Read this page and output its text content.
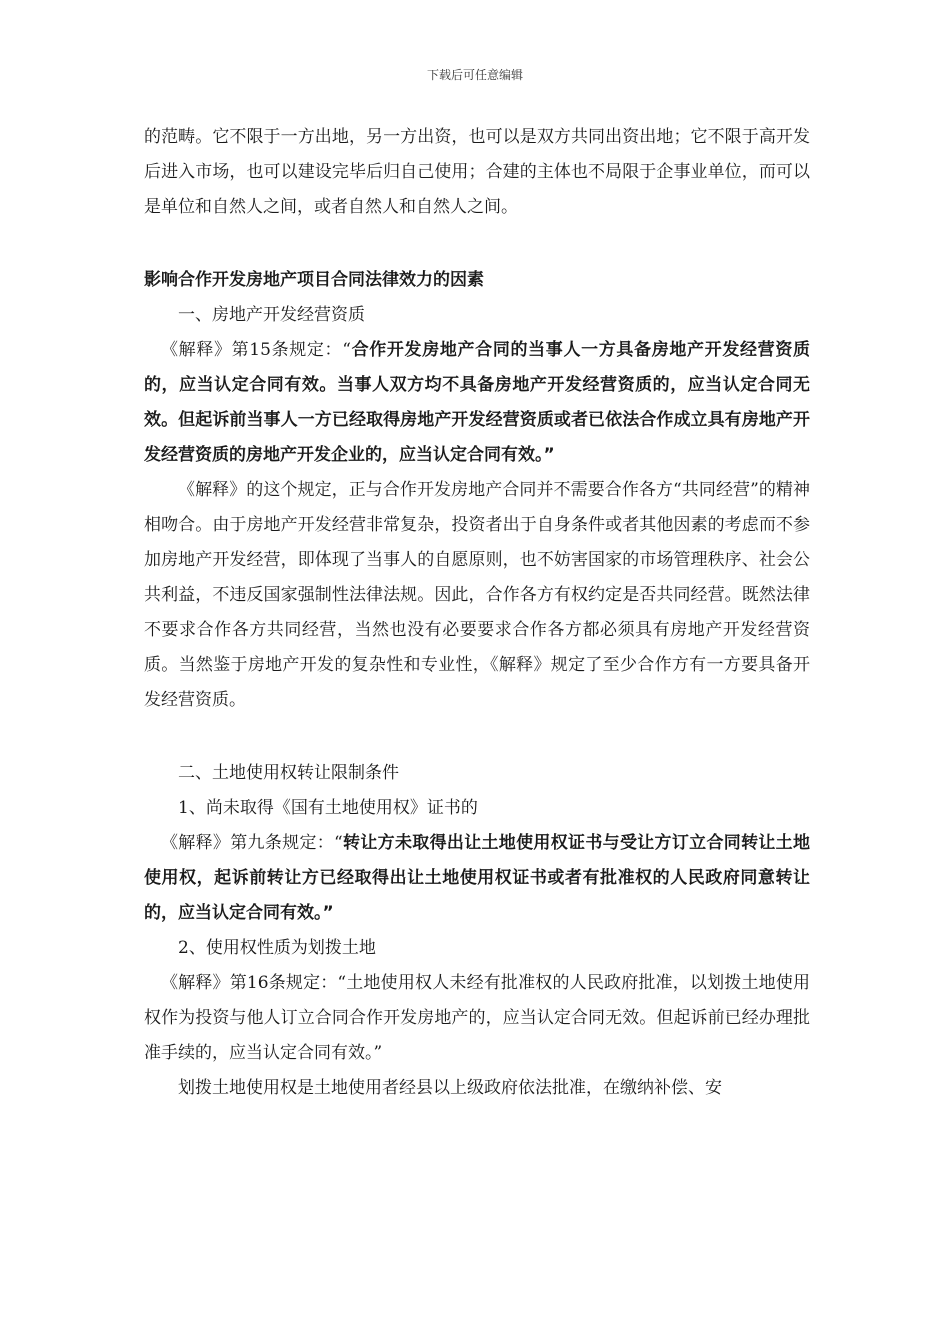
下载后可任意编辑

的范畴。它不限于一方出地，另一方出资，也可以是双方共同出资出地；它不限于高开发后进入市场，也可以建设完毕后归自己使用；合建的主体也不局限于企事业单位，而可以是单位和自然人之间，或者自然人和自然人之间。

影响合作开发房地产项目合同法律效力的因素

一、房地产开发经营资质

《解释》第15条规定：“合作开发房地产合同的当事人一方具备房地产开发经营资质的，应当认定合同有效。当事人双方均不具备房地产开发经营资质的，应当认定合同无效。但起诉前当事人一方已经取得房地产开发经营资质或者已依法合作成立具有房地产开发经营资质的房地产开发企业的，应当认定合同有效。”

《解释》的这个规定，正与合作开发房地产合同并不需要合作各方“共同经营”的精神相吻合。由于房地产开发经营非常复杂，投资者出于自身条件或者其他因素的考虑而不参加房地产开发经营，即体现了当事人的自愿原则，也不妨害国家的市场管理秩序、社会公共利益，不违反国家强制性法律法规。因此，合作各方有权约定是否共同经营。既然法律不要求合作各方共同经营，当然也没有必要要求合作各方都必须具有房地产开发经营资质。当然鉴于房地产开发的复杂性和专业性，《解释》规定了至少合作方有一方要具备开发经营资质。

二、土地使用权转让限制条件

1、尚未取得《国有土地使用权》证书的

《解释》第九条规定：“转让方未取得出让土地使用权证书与受让方订立合同转让土地使用权，起诉前转让方已经取得出让土地使用权证书或者有批准权的人民政府同意转让的，应当认定合同有效。”

2、使用权性质为划拨土地

《解释》第16条规定：“土地使用权人未经有批准权的人民政府批准，以划拨土地使用权作为投资与他人订立合同合作开发房地产的，应当认定合同无效。但起诉前已经办理批准手续的，应当认定合同有效。”

划拨土地使用权是土地使用者经县以上级政府依法批准，在缴纳补偿、安
